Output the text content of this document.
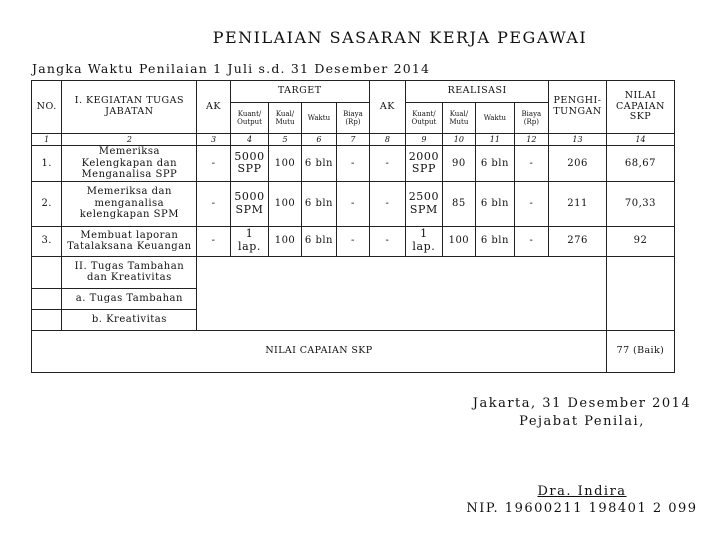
PENILAIAN SASARAN KERJA PEGAWAI
Jangka Waktu Penilaian 1 Juli s.d. 31 Desember 2014
NO.	I. KEGIATAN TUGAS JABATAN	AK	TARGET				AK	REALISASI				PENGHI-TUNGAN	NILAI CAPAIAN SKP
			Kuant/ Output	Kual/ Mutu	Waktu	Biaya (Rp)		Kuant/ Output	Kual/ Mutu	Waktu	Biaya (Rp)		
1	2	3	4	5	6	7	8	9	10	11	12	13	14
1.	Memeriksa Kelengkapan dan Menganalisa SPP	-	5000 SPP	100	6 bln	-	-	2000 SPP	90	6 bln	-	206	68,67
2.	Memeriksa dan menganalisa kelengkapan SPM	-	5000 SPM	100	6 bln	-	-	2500 SPM	85	6 bln	-	211	70,33
3.	Membuat laporan Tatalaksana Keuangan	-	1 lap.	100	6 bln	-	-	1 lap.	100	6 bln	-	276	92
	II. Tugas Tambahan dan Kreativitas												
	a. Tugas Tambahan												
	b. Kreativitas												
NILAI CAPAIAN SKP													77 (Baik)
Jakarta, 31 Desember 2014
Pejabat Penilai,
Dra. Indira
NIP. 19600211 198401 2 099
